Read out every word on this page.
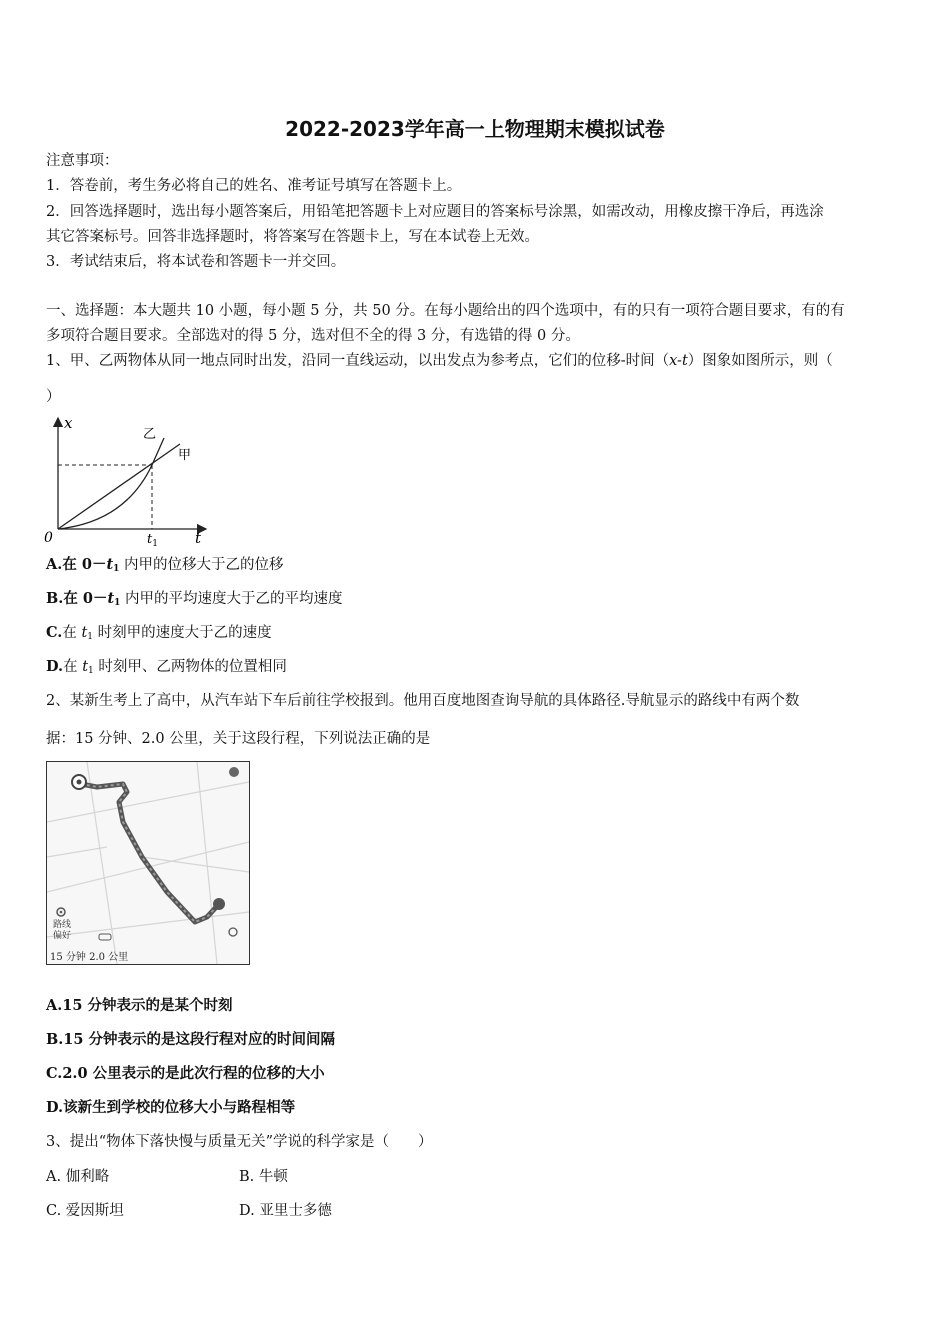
2022-2023学年高一上物理期末模拟试卷
注意事项：
1．答卷前，考生务必将自己的姓名、准考证号填写在答题卡上。
2．回答选择题时，选出每小题答案后，用铅笔把答题卡上对应题目的答案标号涂黑，如需改动，用橡皮擦干净后，再选涂
其它答案标号。回答非选择题时，将答案写在答题卡上，写在本试卷上无效。
3．考试结束后，将本试卷和答题卡一并交回。
一、选择题：本大题共 10 小题，每小题 5 分，共 50 分。在每小题给出的四个选项中，有的只有一项符合题目要求，有的有
多项符合题目要求。全部选对的得 5 分，选对但不全的得 3 分，有选错的得 0 分。
1、甲、乙两物体从同一地点同时出发，沿同一直线运动，以出发点为参考点，它们的位移-时间（x-t）图象如图所示，则（
）
x
乙
甲
0	$t_1$ t
A.在 $0-t_1$ 内甲的位移大于乙的位移
B.在 $0-t_1$ 内甲的平均速度大于乙的平均速度
C.在 $t_1$ 时刻甲的速度大于乙的速度
D.在 $t_1$ 时刻甲、乙两物体的位置相同
2、某新生考上了高中，从汽车站下车后前往学校报到。他用百度地图查询导航的具体路径.导航显示的路线中有两个数
据：15 分钟、2.0 公里，关于这段行程，下列说法正确的是
路线
偏好
15 分钟 2.0 公里
A.15 分钟表示的是某个时刻
B.15 分钟表示的是这段行程对应的时间间隔
C.2.0 公里表示的是此次行程的位移的大小
D.该新生到学校的位移大小与路程相等
3、提出“物体下落快慢与质量无关”学说的科学家是（　　）
A. 伽利略	B. 牛顿
C. 爱因斯坦	D. 亚里士多德
